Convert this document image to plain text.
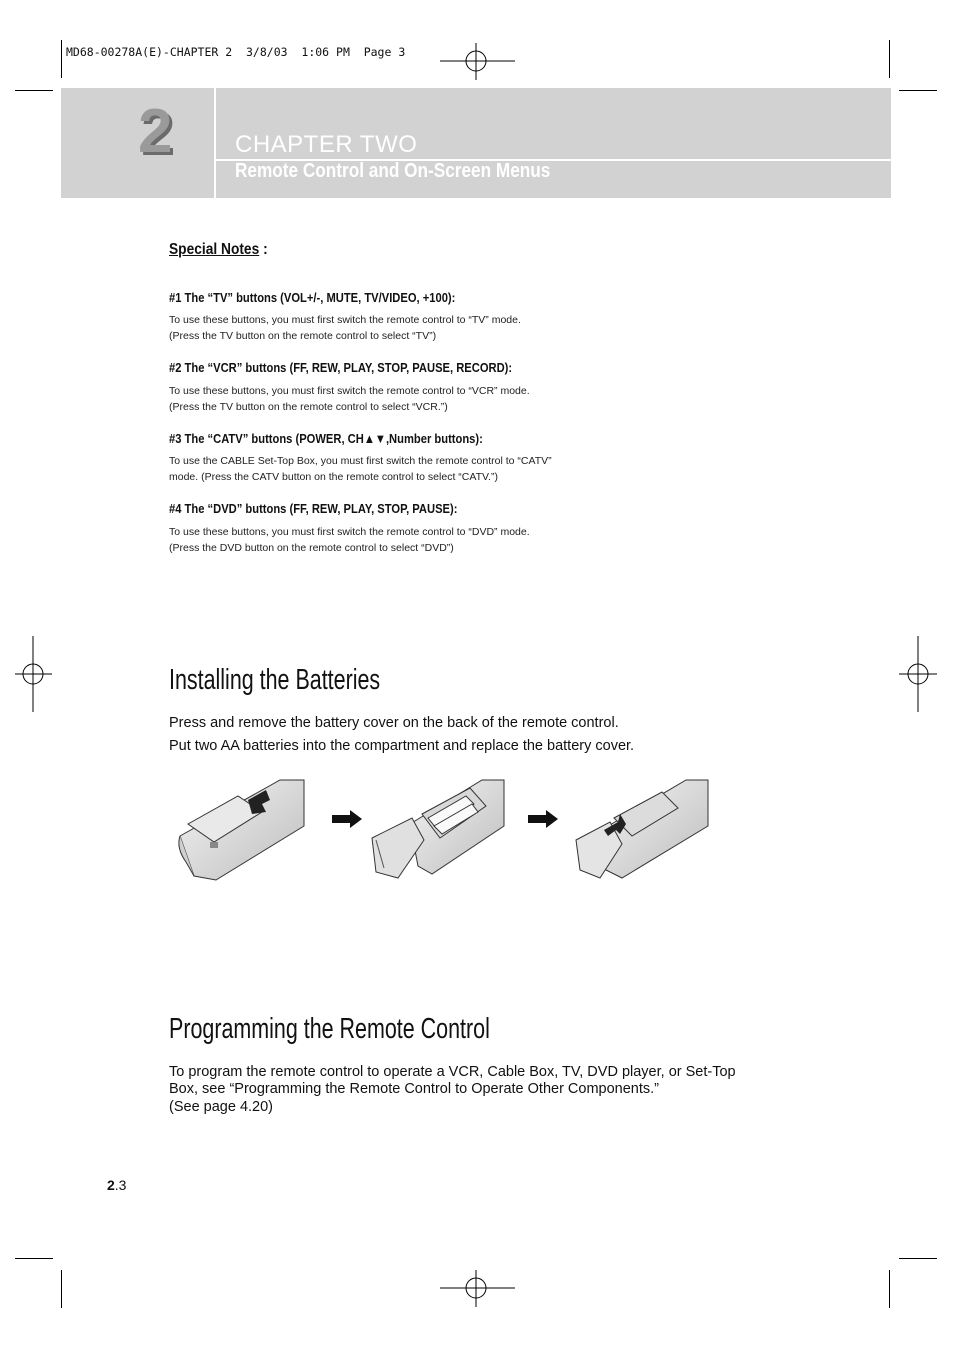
MD68-00278A(E)-CHAPTER 2  3/8/03  1:06 PM  Page 3
2	CHAPTER TWO
Remote Control and On-Screen Menus
Special Notes :
#1 The “TV” buttons (VOL+/-, MUTE, TV/VIDEO, +100):
To use these buttons, you must first switch the remote control to “TV” mode.
(Press the TV button on the remote control to select “TV”)
#2 The “VCR” buttons (FF, REW, PLAY, STOP, PAUSE, RECORD):
To use these buttons, you must first switch the remote control to “VCR” mode.
(Press the TV button on the remote control to select “VCR.”)
#3 The “CATV” buttons (POWER, CH▲▼,Number buttons):
To use the CABLE Set-Top Box, you must first switch the remote control to “CATV”
mode. (Press the CATV button on the remote control to select “CATV.”)
#4 The “DVD” buttons (FF, REW, PLAY, STOP, PAUSE):
To use these buttons, you must first switch the remote control to “DVD” mode.
(Press the DVD button on the remote control to select “DVD”)
Installing the Batteries
Press and remove the battery cover on the back of the remote control.
Put two AA batteries into the compartment and replace the battery cover.
Programming the Remote Control
To program the remote control to operate a VCR, Cable Box, TV, DVD player, or Set-Top
Box, see “Programming the Remote Control to Operate Other Components.”
(See page 4.20)
2.3
